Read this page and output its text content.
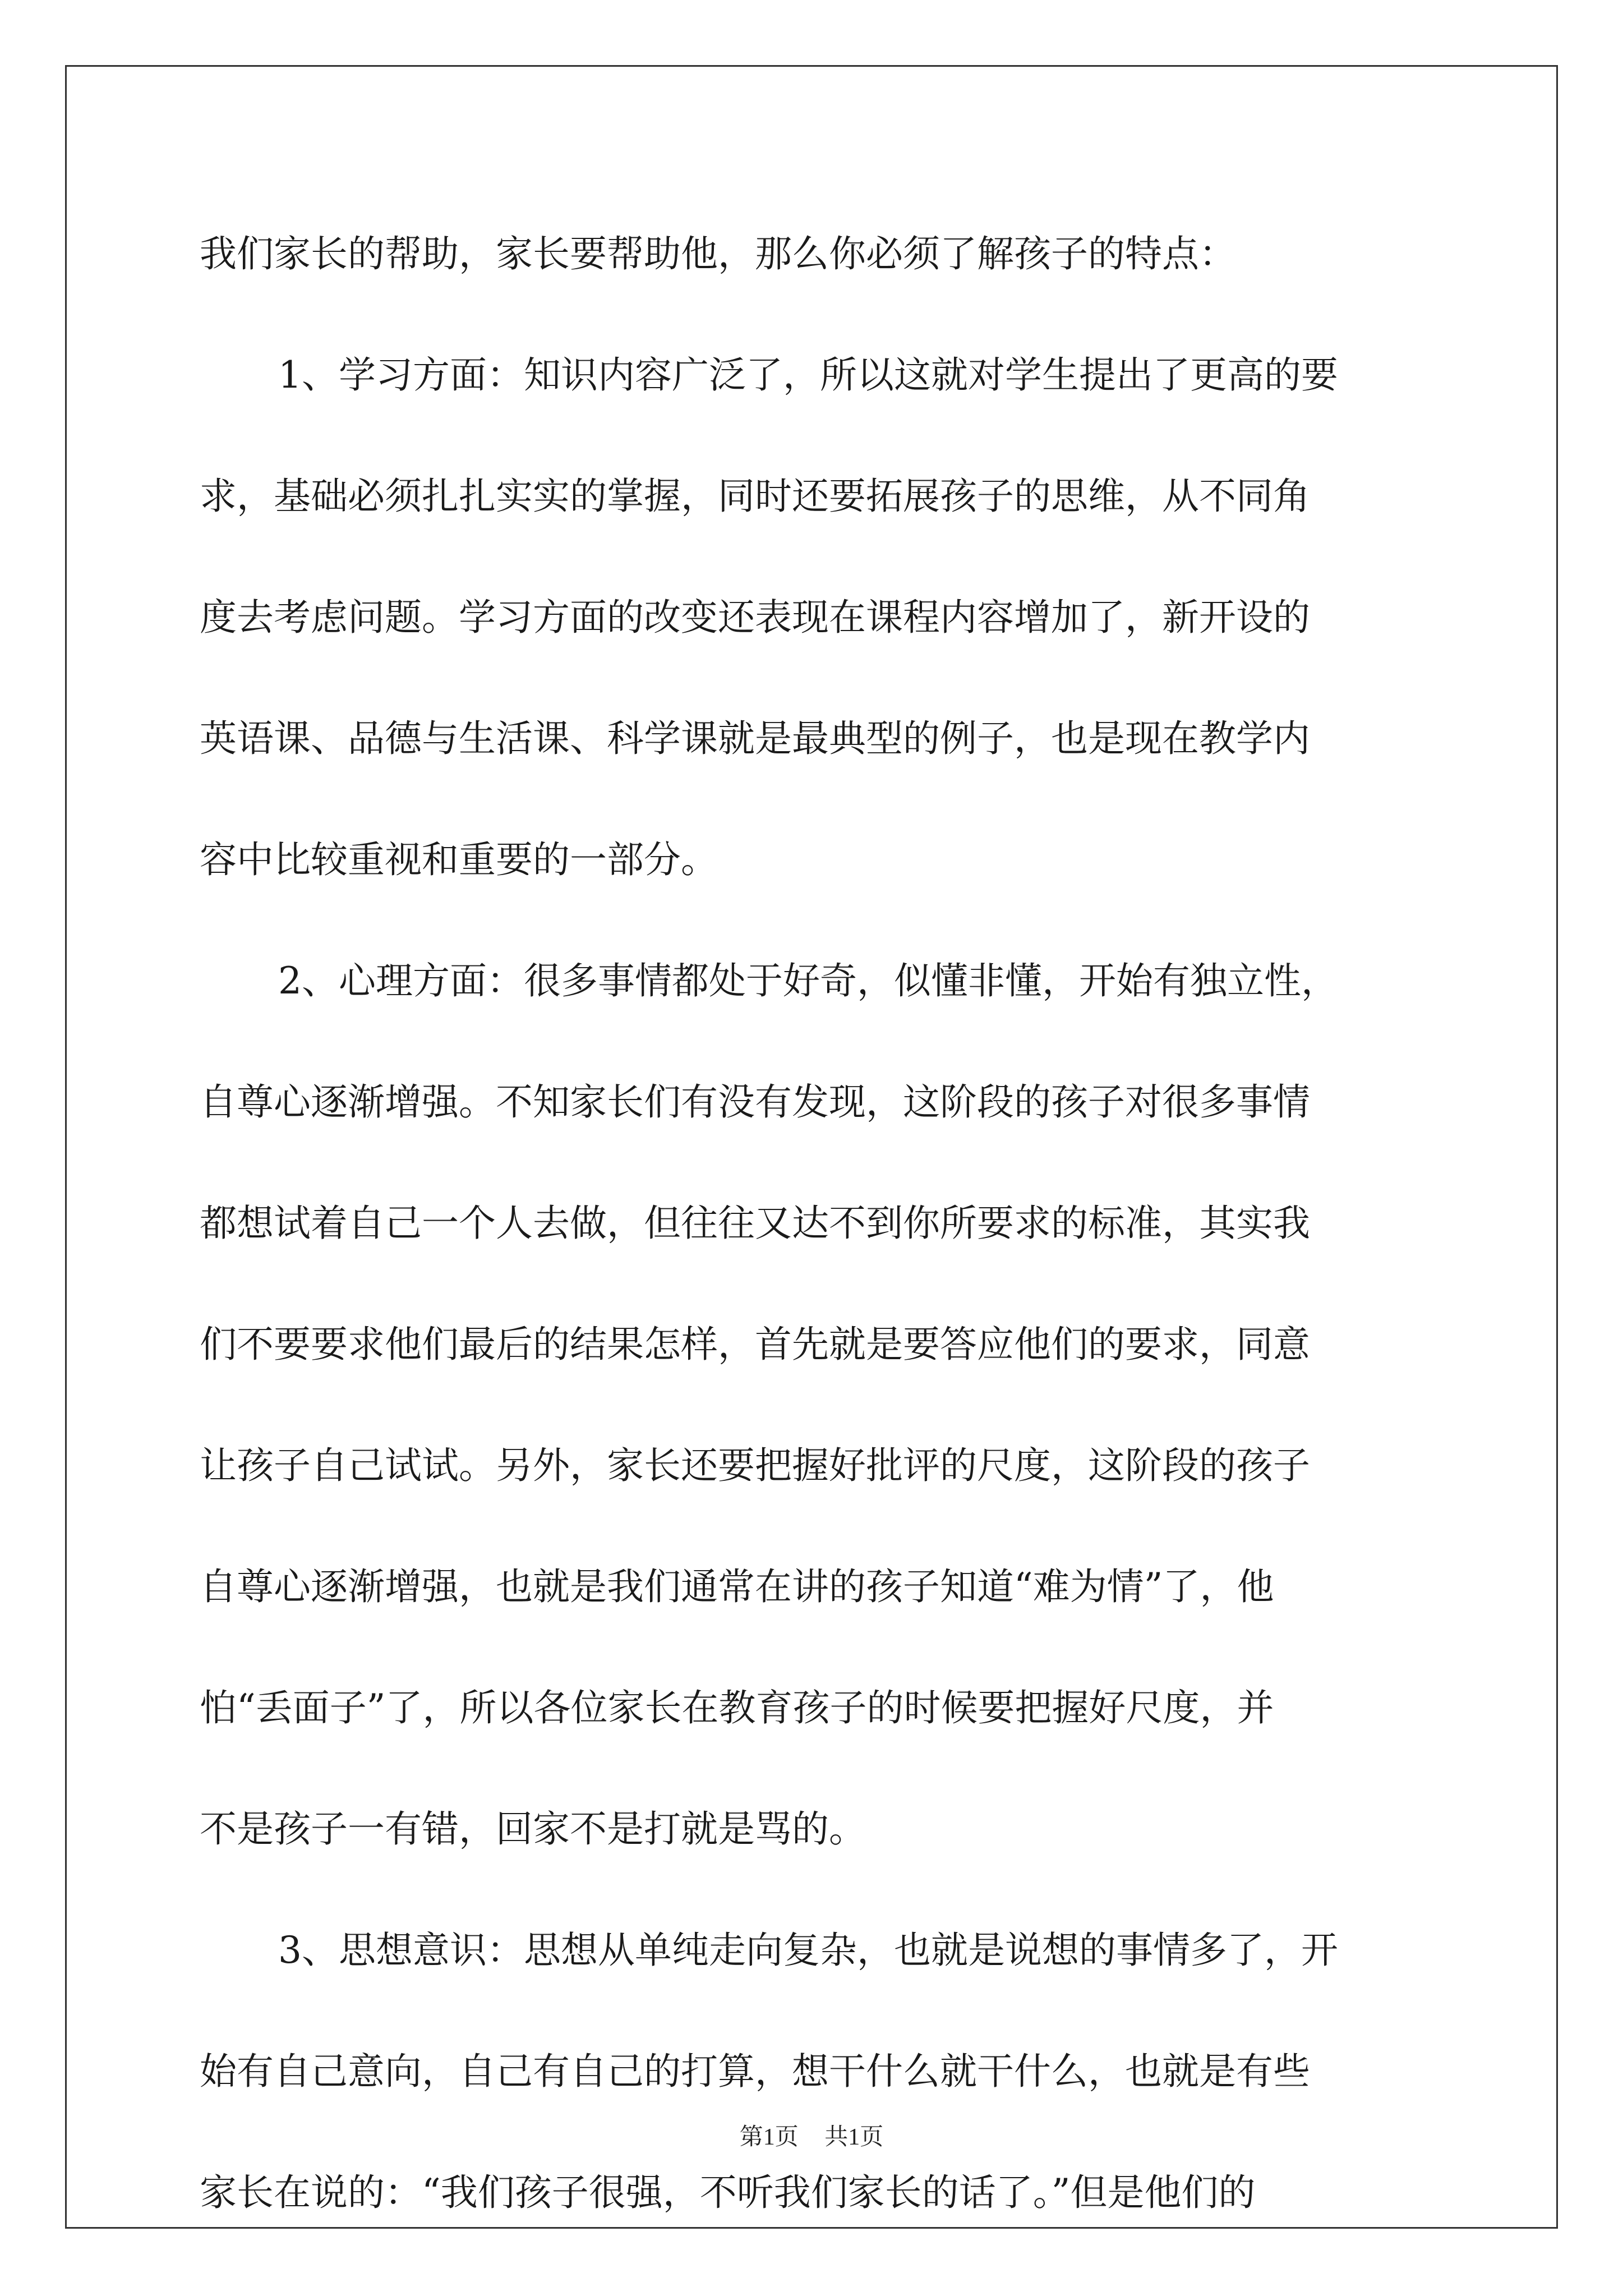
我们家长的帮助，家长要帮助他，那么你必须了解孩子的特点：
1、学习方面：知识内容广泛了，所以这就对学生提出了更高的要
求，基础必须扎扎实实的掌握，同时还要拓展孩子的思维，从不同角
度去考虑问题。学习方面的改变还表现在课程内容增加了，新开设的
英语课、品德与生活课、科学课就是最典型的例子，也是现在教学内
容中比较重视和重要的一部分。
2、心理方面：很多事情都处于好奇，似懂非懂，开始有独立性，
自尊心逐渐增强。不知家长们有没有发现，这阶段的孩子对很多事情
都想试着自己一个人去做，但往往又达不到你所要求的标准，其实我
们不要要求他们最后的结果怎样，首先就是要答应他们的要求，同意
让孩子自己试试。另外，家长还要把握好批评的尺度，这阶段的孩子
自尊心逐渐增强，也就是我们通常在讲的孩子知道“难为情”了，他
怕“丢面子”了，所以各位家长在教育孩子的时候要把握好尺度，并
不是孩子一有错，回家不是打就是骂的。
3、思想意识：思想从单纯走向复杂，也就是说想的事情多了，开
始有自己意向，自己有自己的打算，想干什么就干什么，也就是有些
家长在说的：“我们孩子很强，不听我们家长的话了。”但是他们的
第1页 共1页
